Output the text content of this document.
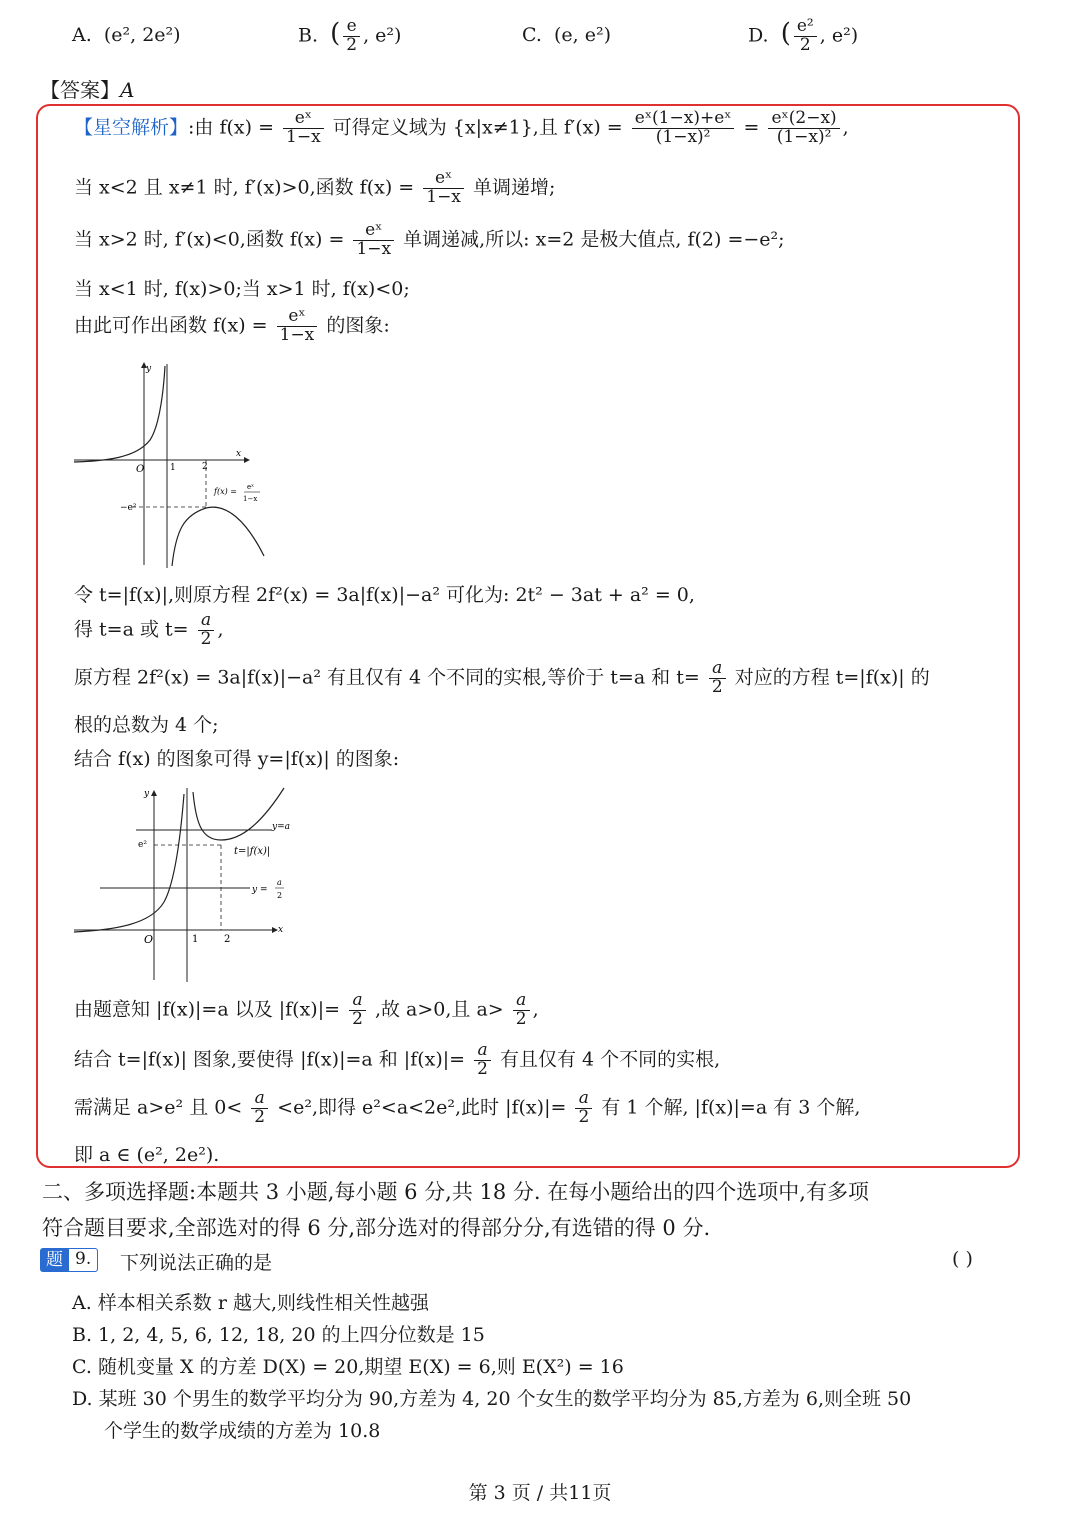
A. (e², 2e²)	B. ( $\frac{e}{2}$ , e²)	C. (e, e²)	D. ( $\frac{\text{e²}}{2}$ , e²)
【答案】A
【星空解析】:由 $f(x) = \frac{\text{eˣ}}{1-x}$ 可得定义域为 {x|x≠1},且 $f'(x) = \frac{\text{eˣ(1−x)+eˣ}}{\text{(1−x)²}} = \frac{\text{eˣ(2−x)}}{\text{(1−x)²}}$ ,
当 x<2 且 x≠1 时, f′(x)>0,函数 $f(x) = \frac{\text{eˣ}}{1-x}$ 单调递增;
当 x>2 时, f′(x)<0,函数 $f(x) = \frac{\text{eˣ}}{1-x}$ 单调递减,所以: x=2 是极大值点, f(2) =−e²;
当 x<1 时, f(x)>0;当 x>1 时, f(x)<0;
由此可作出函数 $f(x) = \frac{\text{eˣ}}{1-x}$ 的图象:
O	1	2
y
x
−e²
f(x) = eˣ
1−x
令 t=|f(x)|,则原方程 2f²(x) = 3a|f(x)|−a² 可化为: 2t² − 3at + a² = 0,
得 t=a 或 $t= \frac{a}{2}$ ,
原方程 2f²(x) = 3a|f(x)|−a² 有且仅有 4 个不同的实根,等价于 t=a 和 $t= \frac{a}{2}$ 对应的方程 t=|f(x)| 的
根的总数为 4 个;
结合 f(x) 的图象可得 y=|f(x)| 的图象:
O	1	2
y
x
e²
y=a
t=|f(x)|
y =
a
2
由题意知 |f(x)|=a 以及 $|f(x)|= \frac{a}{2}$ ,故 a>0,且 $a> \frac{a}{2}$ ,
结合 t=|f(x)| 图象,要使得 |f(x)|=a 和 $|f(x)|= \frac{a}{2}$ 有且仅有 4 个不同的实根,
需满足 a>e² 且 $0< \frac{a}{2} <e^2$,即得 e²<a<2e²,此时 $|f(x)|= \frac{a}{2}$ 有 1 个解, |f(x)|=a 有 3 个解,
即 a ∈ (e², 2e²).
二、多项选择题:本题共 3 小题,每小题 6 分,共 18 分. 在每小题给出的四个选项中,有多项
符合题目要求,全部选对的得 6 分,部分选对的得部分分,有选错的得 0 分.
题 9.	下列说法正确的是	( )
A. 样本相关系数 r 越大,则线性相关性越强
B. 1, 2, 4, 5, 6, 12, 18, 20 的上四分位数是 15
C. 随机变量 X 的方差 D(X) = 20,期望 E(X) = 6,则 E(X²) = 16
D. 某班 30 个男生的数学平均分为 90,方差为 4, 20 个女生的数学平均分为 85,方差为 6,则全班 50
个学生的数学成绩的方差为 10.8
第 3 页 / 共11页
